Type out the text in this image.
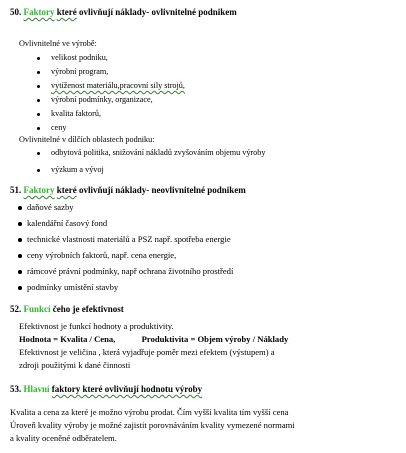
50. Faktory které ovlivňují náklady- ovlivnitelné podnikem
Ovlivnitelné ve výrobě:
velikost podniku,
výrobní program,
vytíženost materiálu,pracovní sily strojů,
výrobní podmínky, organizace,
kvalita faktorů,
ceny
Ovlivnitelné v dílčích oblastech podniku:
odbytová politika, snižování nákladů zvyšováním objemu výroby
výzkum a vývoj
51. Faktory které ovlivňují náklady- neovlivnitelné podnikem
daňové sazby
kalendářní časový fond
technické vlastnosti materiálů a PSZ např. spotřeba energie
ceny výrobních faktorů, např. cena energie,
rámcové právní podmínky, např ochrana životního prostředí
podmínky umístění stavby
52. Funkcí čeho je efektivnost
Efektivnost je funkcí hodnoty a produktivity.
Hodnota = Kvalita / Cena,	Produktivita = Objem výroby / Náklady
Efektivnost je veličina , která vyjadřuje poměr mezi efektem (výstupem) a
zdroji použitými k dané činnosti
53. Hlavní faktory které ovlivňují hodnotu výroby
Kvalita a cena za které je možno výrobu prodat. Čím vyšší kvalita tím vyšší cena
Úroveň kvality výroby je možné zajistit porovnáváním kvality vymezené normami
a kvality oceněné odběratelem.
